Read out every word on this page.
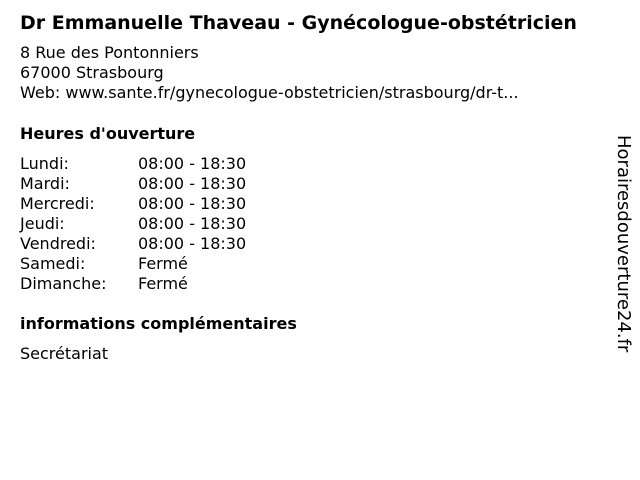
Dr Emmanuelle Thaveau - Gynécologue-obstétricien
8 Rue des Pontonniers
67000 Strasbourg
Web: www.sante.fr/gynecologue-obstetricien/strasbourg/dr-t...
Heures d'ouverture
Lundi:	08:00 - 18:30
Mardi:	08:00 - 18:30
Mercredi:	08:00 - 18:30
Jeudi:	08:00 - 18:30
Vendredi:	08:00 - 18:30
Samedi:	Fermé
Dimanche:	Fermé
informations complémentaires
Secrétariat
Horairesdouverture24.fr
